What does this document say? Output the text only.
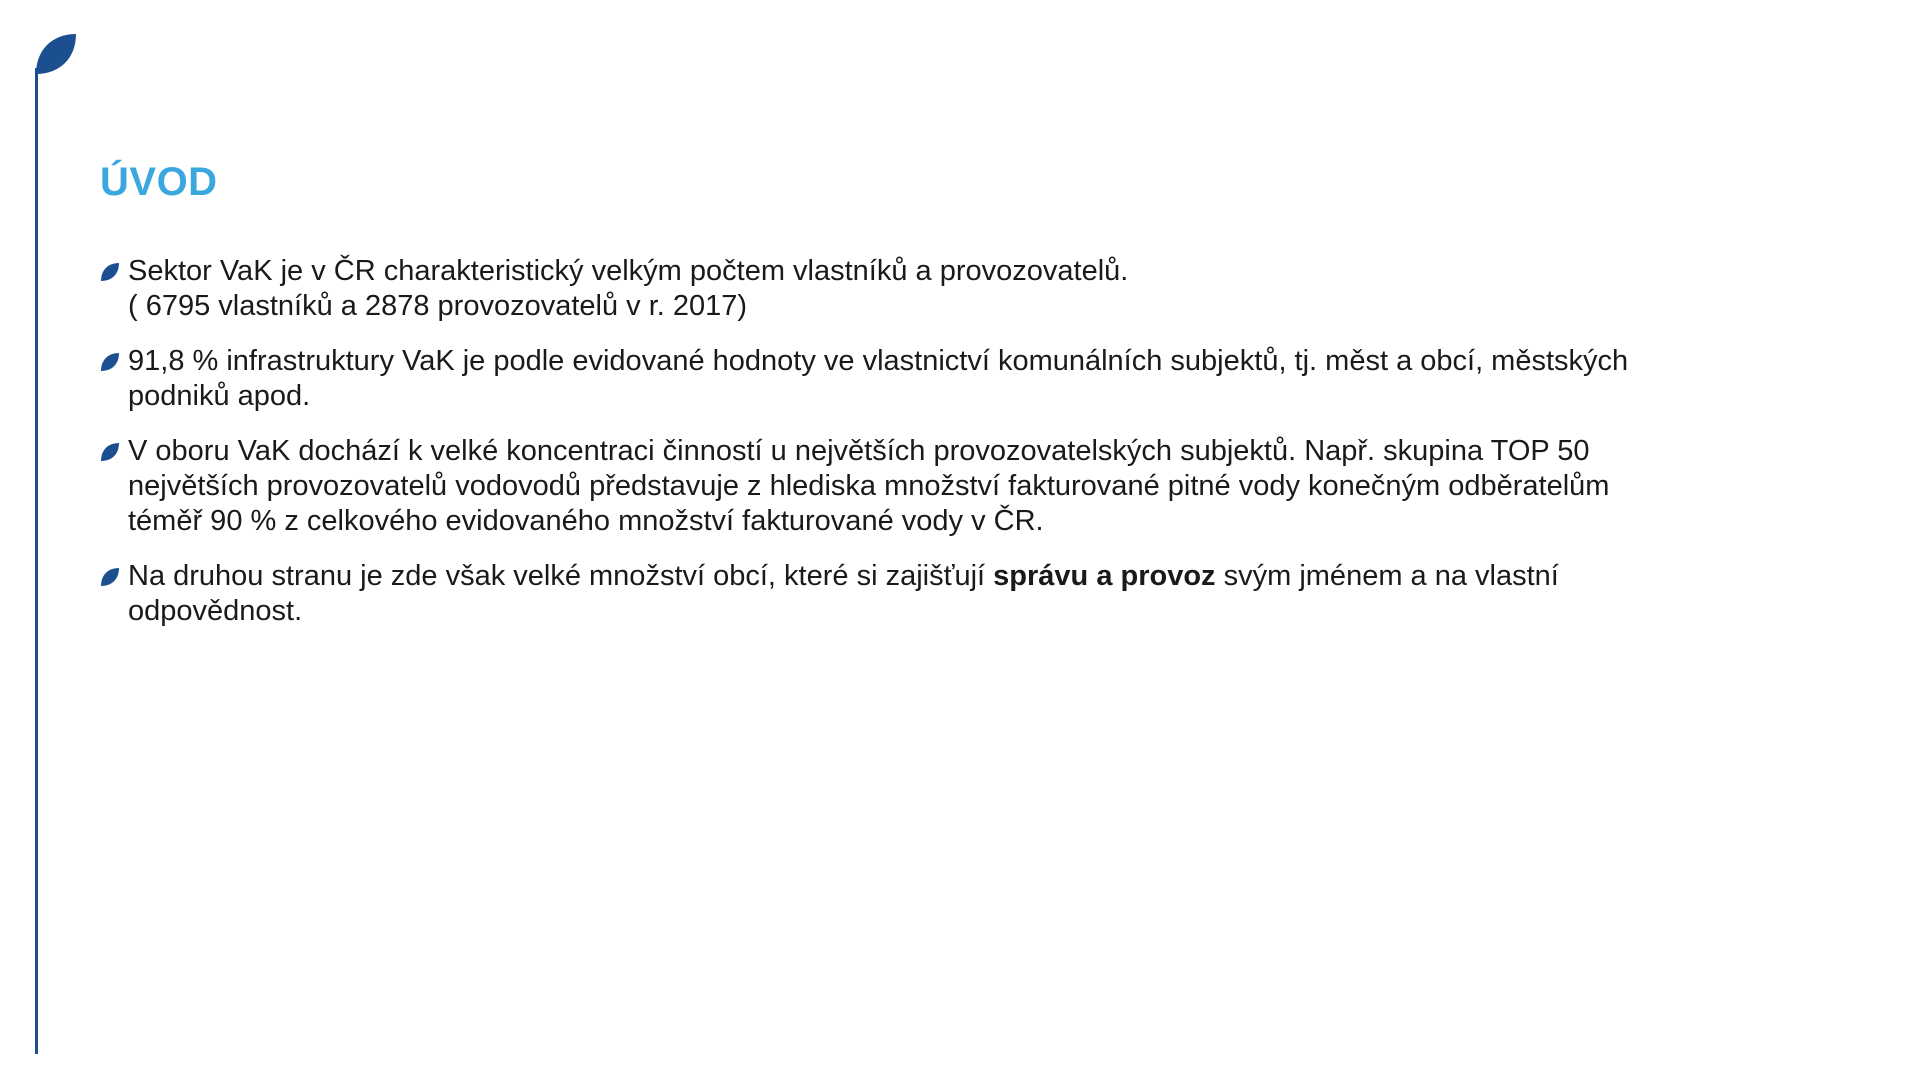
ÚVOD
Sektor VaK je v ČR charakteristický velkým počtem vlastníků a provozovatelů.
( 6795 vlastníků a 2878 provozovatelů v r. 2017)
91,8 % infrastruktury VaK je podle evidované hodnoty ve vlastnictví komunálních subjektů, tj. měst a obcí, městských
podniků apod.
V oboru VaK dochází k velké koncentraci činností u největších provozovatelských subjektů. Např. skupina TOP 50
největších provozovatelů vodovodů představuje z hlediska množství fakturované pitné vody konečným odběratelům
téměř 90 % z celkového evidovaného množství fakturované vody v ČR.
Na druhou stranu je zde však velké množství obcí, které si zajišťují správu a provoz svým jménem a na vlastní
odpovědnost.
